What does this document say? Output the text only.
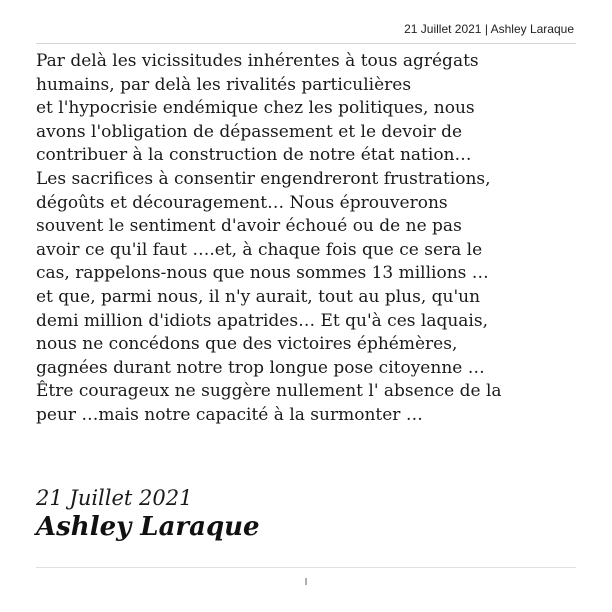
21 Juillet 2021 | Ashley Laraque
Par delà les vicissitudes inhérentes à tous agrégats
humains, par delà les rivalités particulières
et l'hypocrisie endémique chez les politiques, nous
avons l'obligation de dépassement et le devoir de
contribuer à la construction de notre état nation…
Les sacrifices à consentir engendreront frustrations,
dégoûts et découragement… Nous éprouverons
souvent le sentiment d'avoir échoué ou de ne pas
avoir ce qu'il faut ….et, à chaque fois que ce sera le
cas, rappelons-nous que nous sommes 13 millions …
et que, parmi nous, il n'y aurait, tout au plus, qu'un
demi million d'idiots apatrides… Et qu'à ces laquais,
nous ne concédons que des victoires éphémères,
gagnées durant notre trop longue pose citoyenne …
Être courageux ne suggère nullement l' absence de la
peur …mais notre capacité à la surmonter …
21 Juillet 2021
Ashley Laraque
I
